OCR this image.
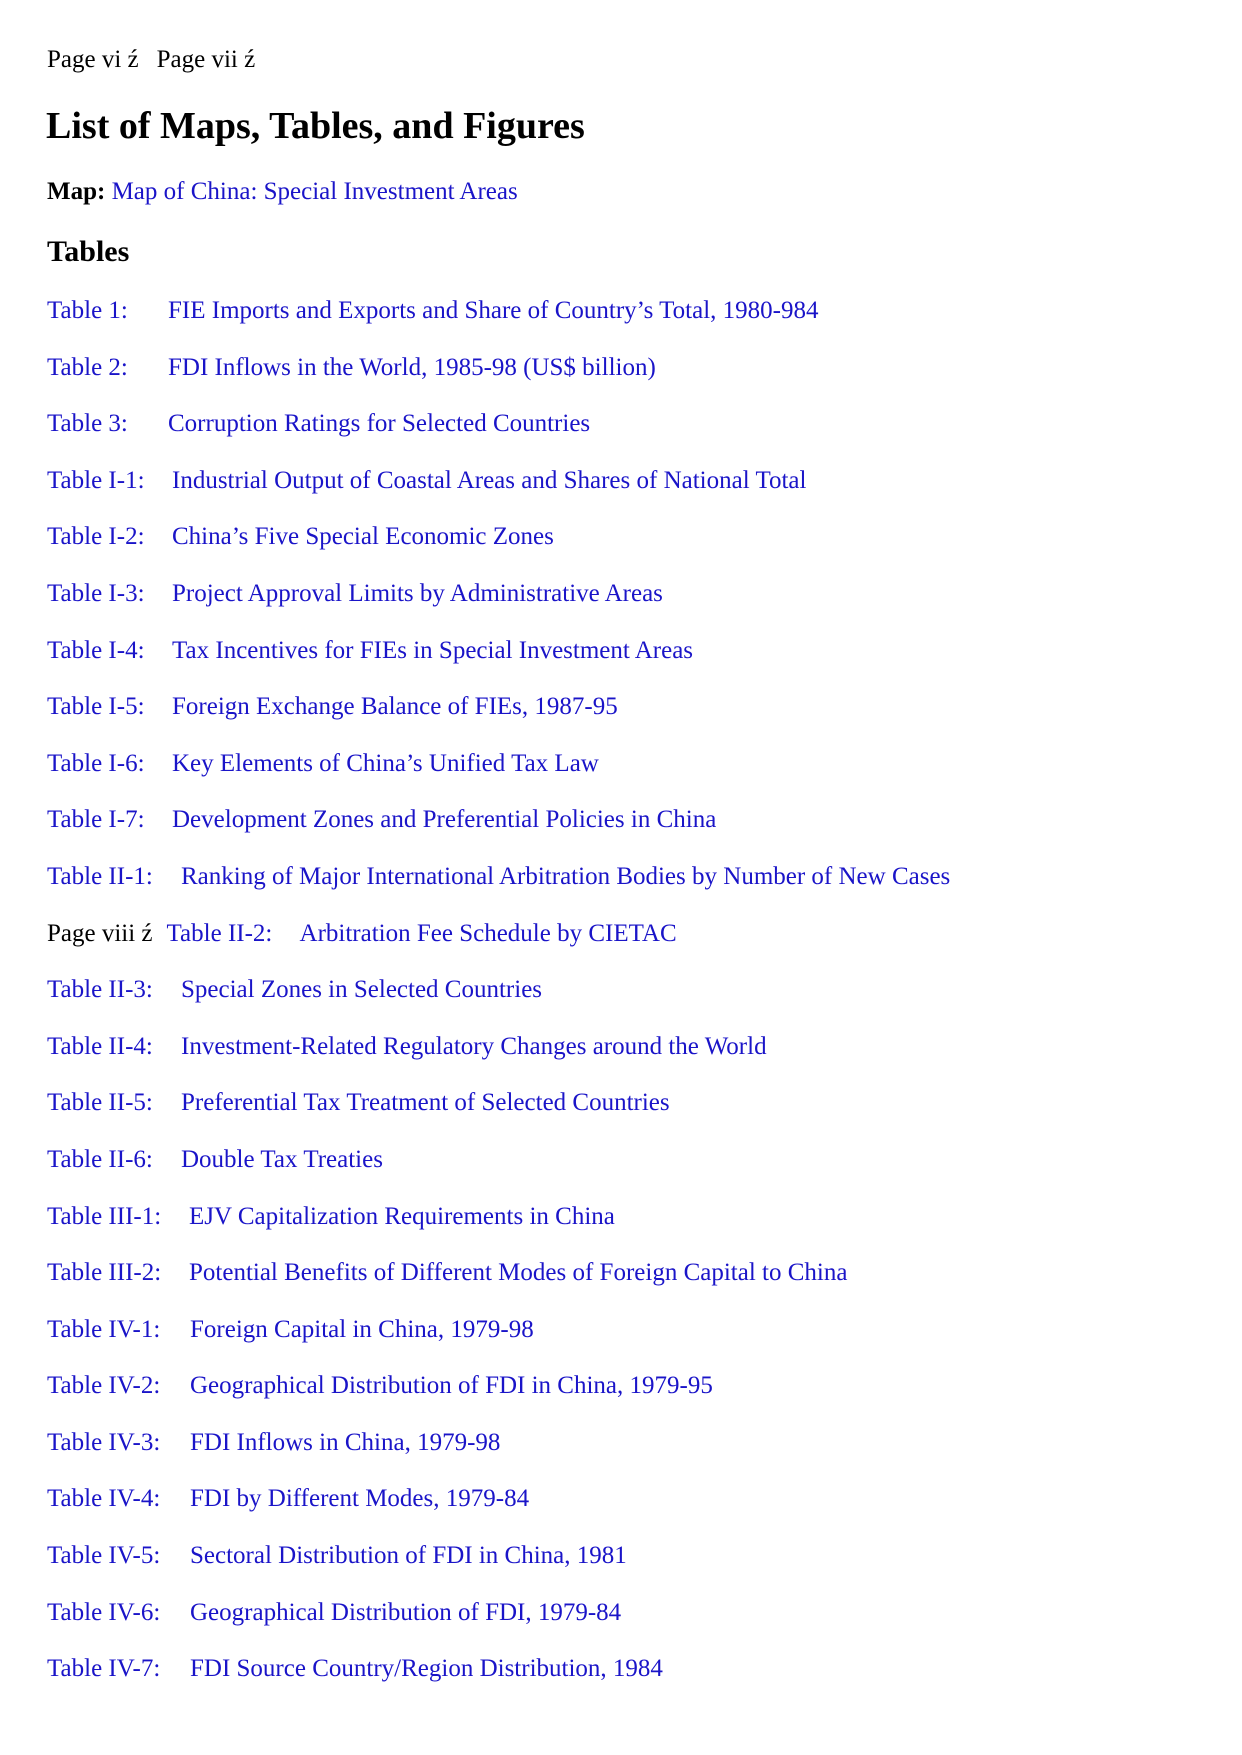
Page vi ź Page vii ź
List of Maps, Tables, and Figures
Map: Map of China: Special Investment Areas
Tables
Table 1:	FIE Imports and Exports and Share of Country’s Total, 1980-984
Table 2:	FDI Inflows in the World, 1985-98 (US$ billion)
Table 3:	Corruption Ratings for Selected Countries
Table I-1:	Industrial Output of Coastal Areas and Shares of National Total
Table I-2:	China’s Five Special Economic Zones
Table I-3:	Project Approval Limits by Administrative Areas
Table I-4:	Tax Incentives for FIEs in Special Investment Areas
Table I-5:	Foreign Exchange Balance of FIEs, 1987-95
Table I-6:	Key Elements of China’s Unified Tax Law
Table I-7:	Development Zones and Preferential Policies in China
Table II-1:	Ranking of Major International Arbitration Bodies by Number of New Cases
Page viii ź Table II-2:	Arbitration Fee Schedule by CIETAC
Table II-3:	Special Zones in Selected Countries
Table II-4:	Investment-Related Regulatory Changes around the World
Table II-5:	Preferential Tax Treatment of Selected Countries
Table II-6:	Double Tax Treaties
Table III-1:	EJV Capitalization Requirements in China
Table III-2:	Potential Benefits of Different Modes of Foreign Capital to China
Table IV-1:	Foreign Capital in China, 1979-98
Table IV-2:	Geographical Distribution of FDI in China, 1979-95
Table IV-3:	FDI Inflows in China, 1979-98
Table IV-4:	FDI by Different Modes, 1979-84
Table IV-5:	Sectoral Distribution of FDI in China, 1981
Table IV-6:	Geographical Distribution of FDI, 1979-84
Table IV-7:	FDI Source Country/Region Distribution, 1984
